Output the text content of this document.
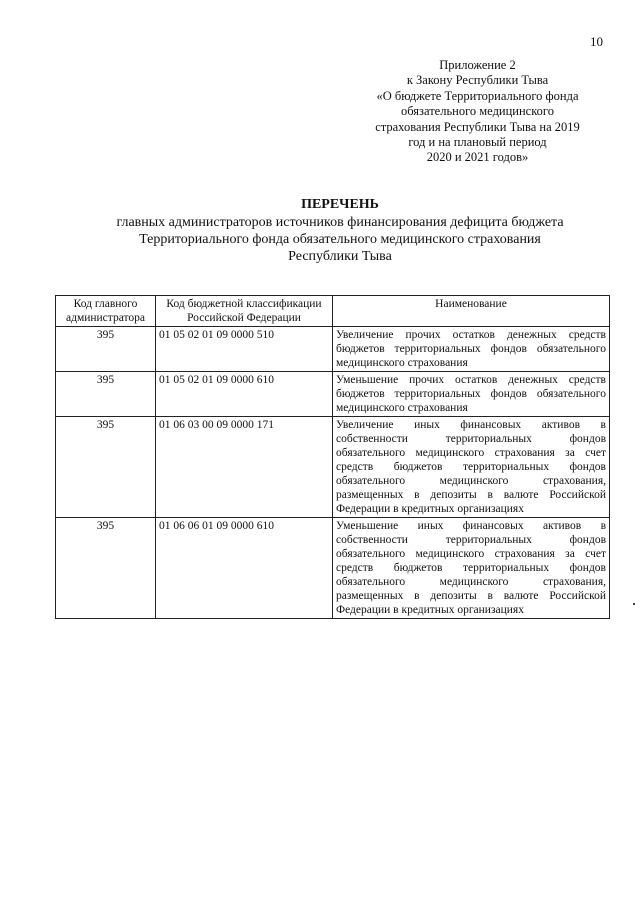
10
Приложение 2
к Закону Республики Тыва
«О бюджете Территориального фонда
обязательного медицинского
страхования Республики Тыва на 2019
год и на плановый период
2020 и 2021 годов»
ПЕРЕЧЕНЬ
главных администраторов источников финансирования дефицита бюджета
Территориального фонда обязательного медицинского страхования
Республики Тыва
Код главного администратора	Код бюджетной классификации Российской Федерации	Наименование
395	01 05 02 01 09 0000 510	Увеличение прочих остатков денежных средств бюджетов территориальных фондов обязательного медицинского страхования
395	01 05 02 01 09 0000 610	Уменьшение прочих остатков денежных средств бюджетов территориальных фондов обязательного медицинского страхования
395	01 06 03 00 09 0000 171	Увеличение иных финансовых активов в собственности территориальных фондов обязательного медицинского страхования за счет средств бюджетов территориальных фондов обязательного медицинского страхования, размещенных в депозиты в валюте Российской Федерации в кредитных организациях
395	01 06 06 01 09 0000 610	Уменьшение иных финансовых активов в собственности территориальных фондов обязательного медицинского страхования за счет средств бюджетов территориальных фондов обязательного медицинского страхования, размещенных в депозиты в валюте Российской Федерации в кредитных организациях
